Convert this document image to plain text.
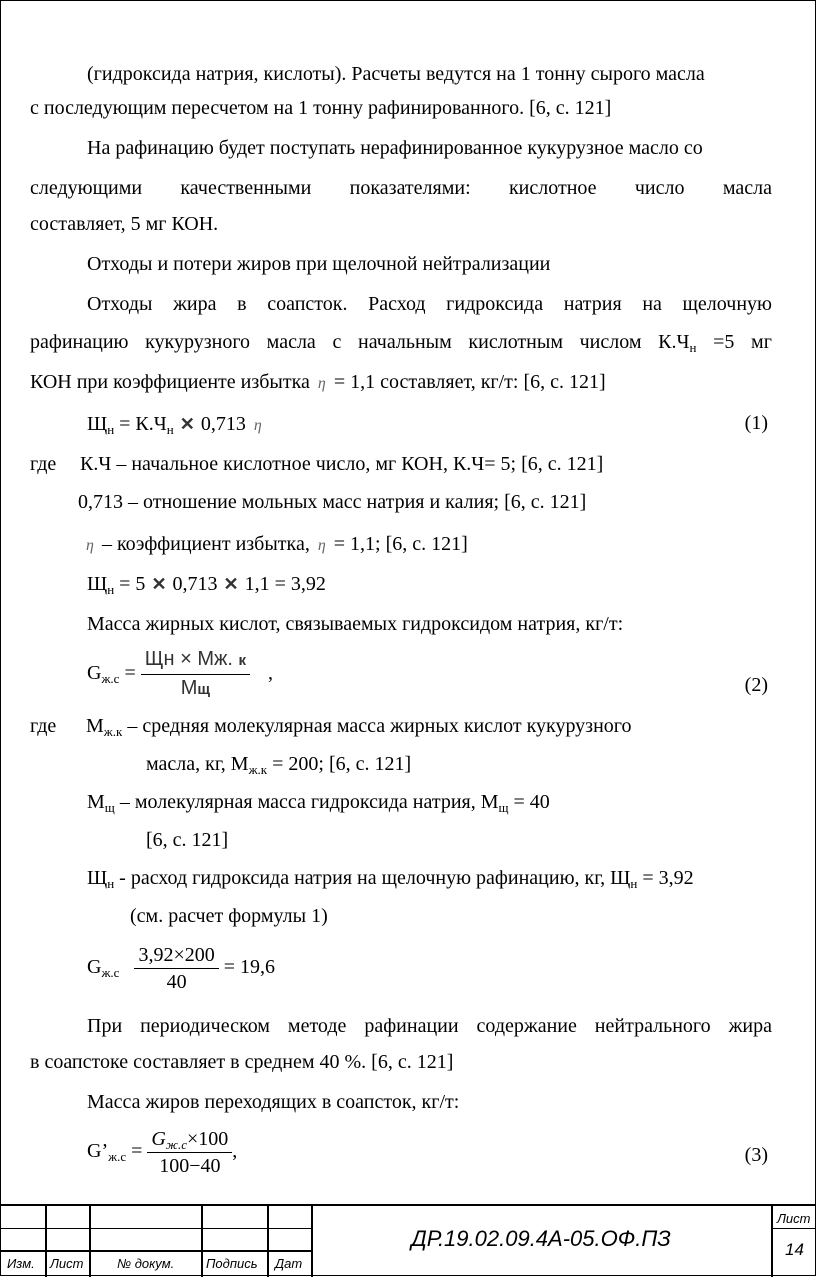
(гидроксида натрия, кислоты). Расчеты ведутся на 1 тонну сырого масла
с последующим пересчетом на 1 тонну рафинированного. [6, с. 121]
На рафинацию будет поступать нерафинированное кукурузное масло со
следующими качественными показателями: кислотное число масла
составляет, 5 мг КОН.
Отходы и потери жиров при щелочной нейтрализации
Отходы жира в соапсток. Расход гидроксида натрия на щелочную
рафинацию кукурузного масла с начальным кислотным числом $К.Ч_н =5$ мг
КОН при коэффициенте избытка ƞ = 1,1 составляет, кг/т: [6, с. 121]
$Щ_н = К.Ч_н$ ✕ 0,713 ƞ	(1)
где К.Ч – начальное кислотное число, мг КОН, К.Ч= 5; [6, с. 121]
0,713 – отношение мольных масс натрия и калия; [6, с. 121]
ƞ – коэффициент избытка, ƞ = 1,1; [6, с. 121]
$Щ_н = 5$ ✕ 0,713 ✕ 1,1 = 3,92
Масса жирных кислот, связываемых гидроксидом натрия, кг/т:
$G_{ж.с} = \frac{Щн \times Мж. к}{Мщ}$ ,
(2)
где $М_{ж.к}$ – средняя молекулярная масса жирных кислот кукурузного
масла, кг, $М_{ж.к} = 200$; [6, с. 121]
$М_щ$ – молекулярная масса гидроксида натрия, $М_щ = 40$
[6, с. 121]
$Щ_н$ - расход гидроксида натрия на щелочную рафинацию, кг, $Щ_н = 3,92$
(см. расчет формулы 1)
$G_{ж.с} \frac{3,92\times 200}{40} = 19,6$
При периодическом методе рафинации содержание нейтрального жира
в соапстоке составляет в среднем 40 %. [6, с. 121]
Масса жиров переходящих в соапсток, кг/т:
$G’_{ж.с} = \frac{G_{ж.с}\times 100}{100-40}$ ,	(3)
Изм. Лист	№ докум. Подпись Дат
ДР.19.02.09.4А-05.ОФ.ПЗ
Лист
14
